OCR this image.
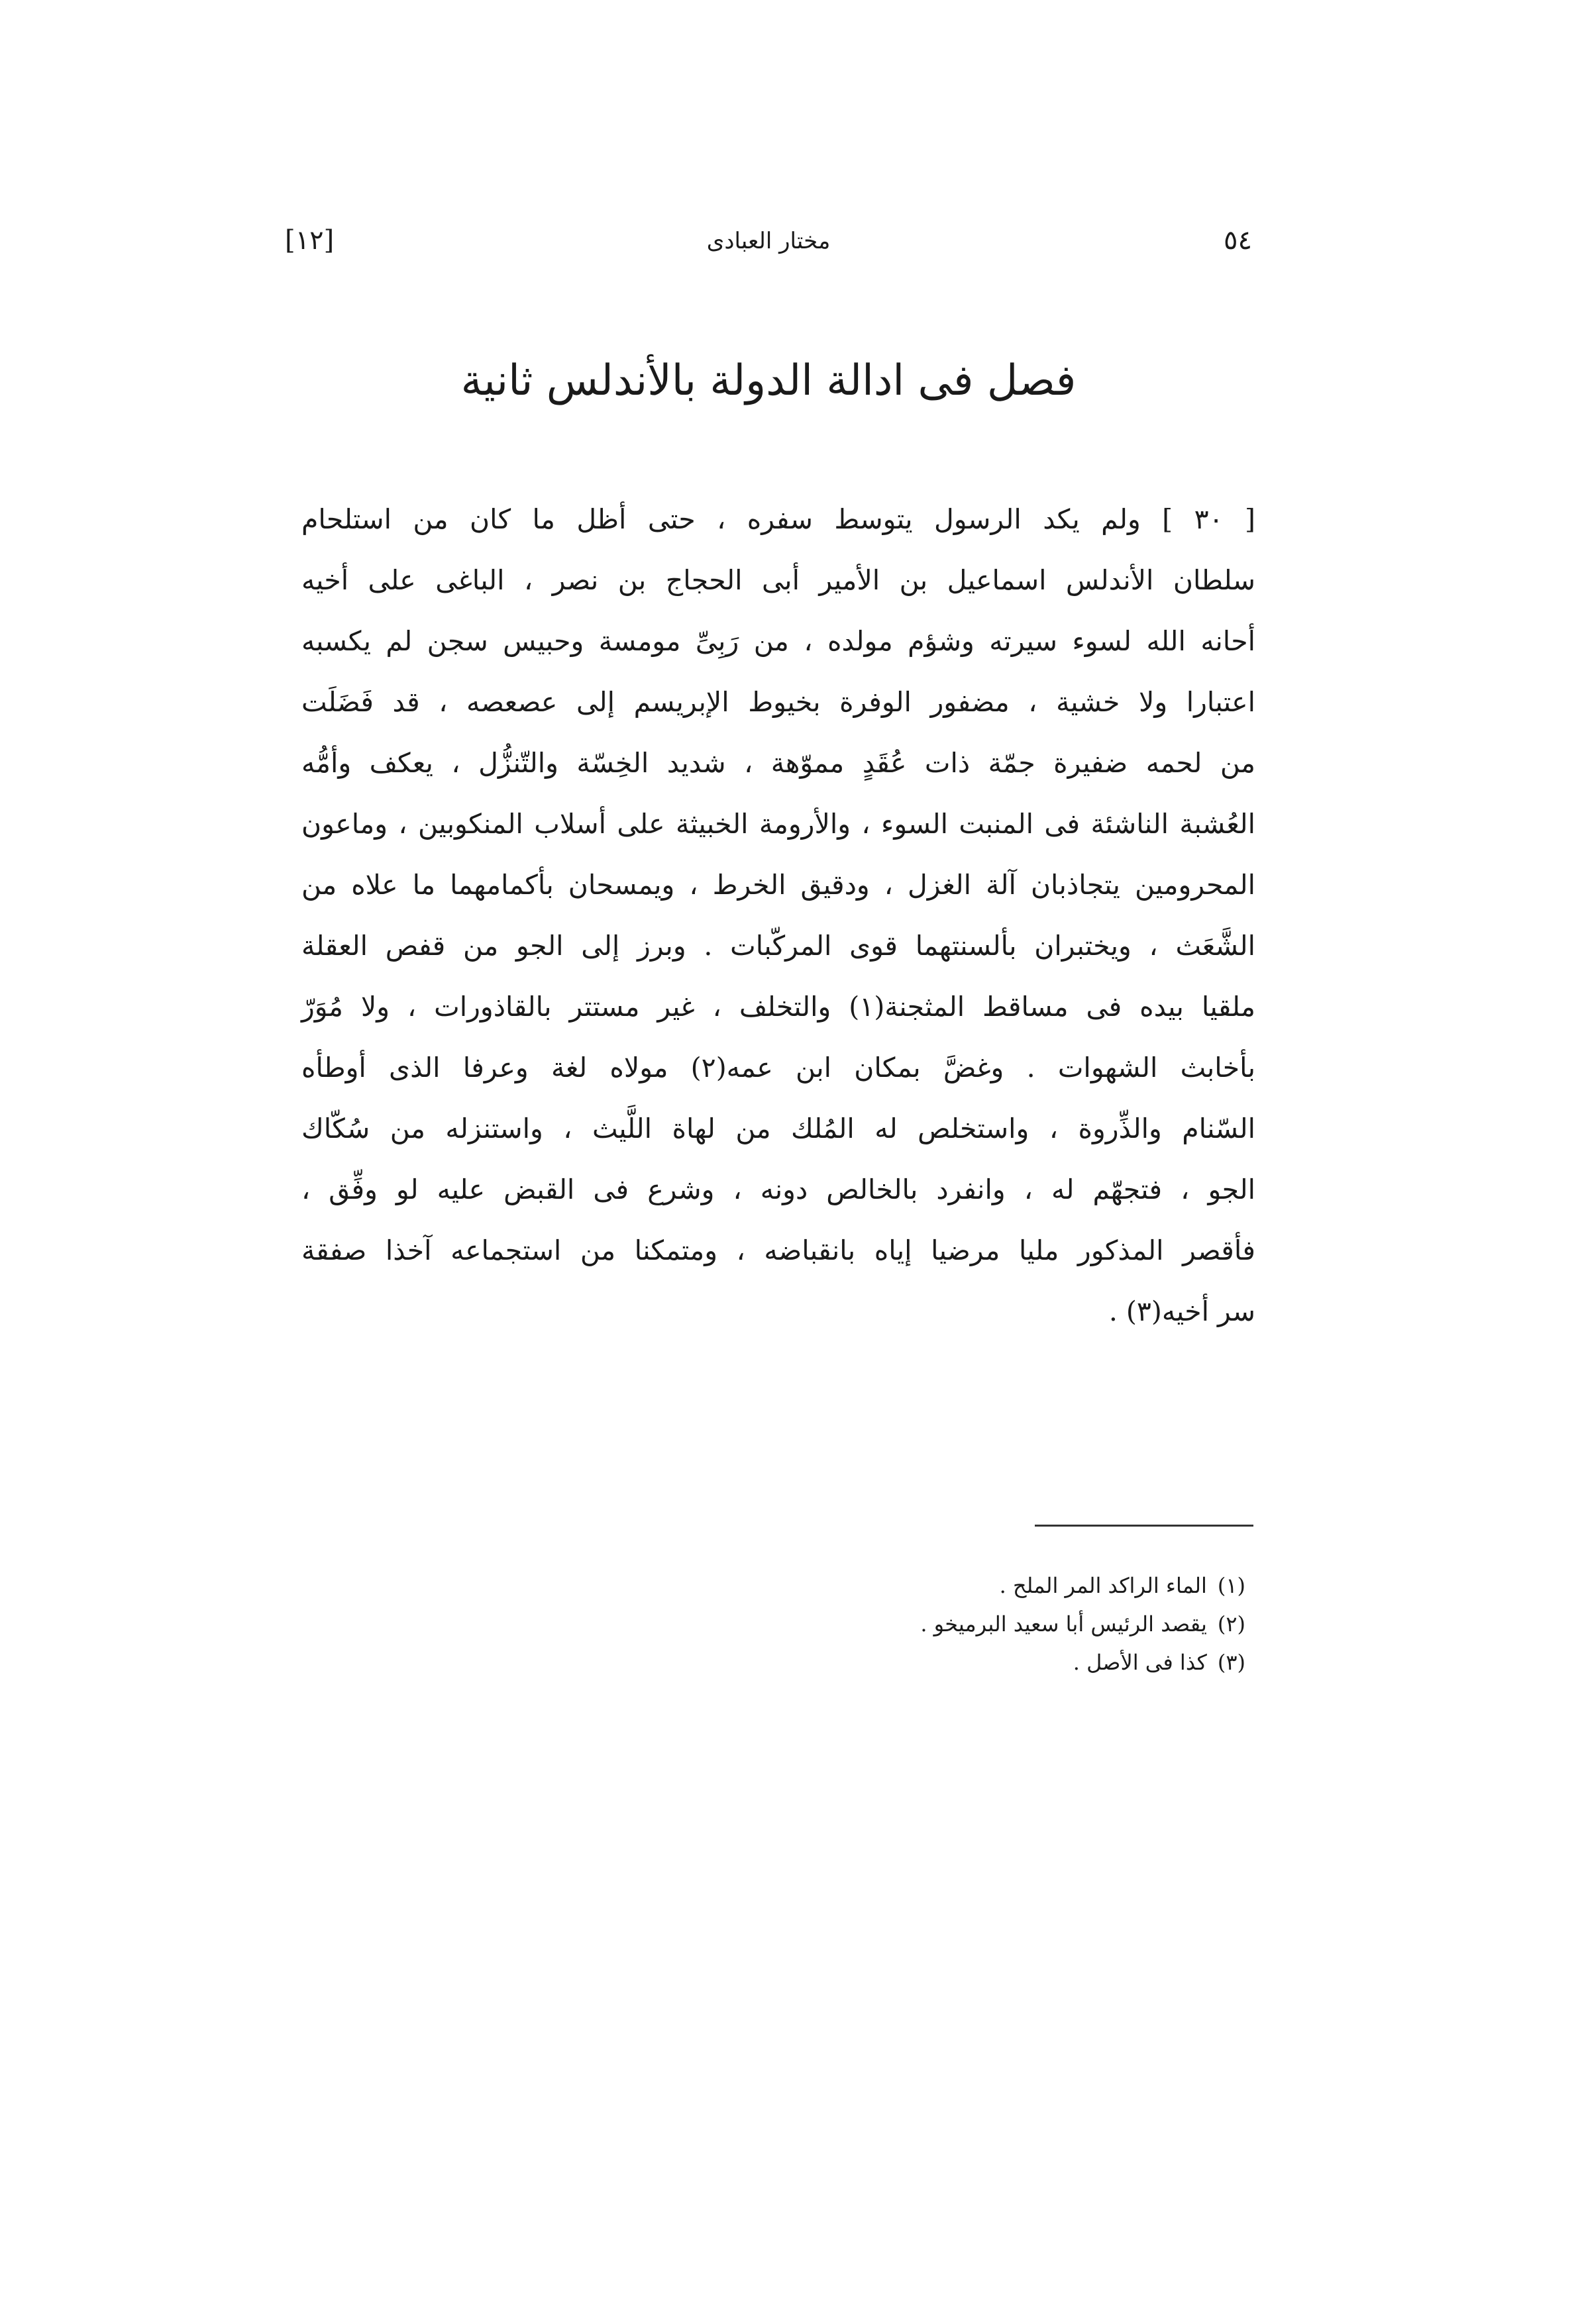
[١٢]	مختار العبادى	٥٤
فصل فى ادالة الدولة بالأندلس ثانية
[ ٣٠ ] ولم يكد الرسول يتوسط سفره ، حتى أظل ما كان من استلحام
سلطان الأندلس اسماعيل بن الأمير أبى الحجاج بن نصر ، الباغى على أخيه
أحانه الله لسوء سيرته وشؤم مولده ، من رَبِىِّ مومسة وحبيس سجن لم يكسبه
اعتبارا ولا خشية ، مضفور الوفرة بخيوط الإبريسم إلى عصعصه ، قد فَضَلَت
من لحمه ضفيرة جمّة ذات عُقَدٍ مموّهة ، شديد الخِسّة والتّنزُّل ، يعكف وأمُّه
العُشبة الناشئة فى المنبت السوء ، والأرومة الخبيثة على أسلاب المنكوبين ، وماعون
المحرومين يتجاذبان آلة الغزل ، ودقيق الخرط ، ويمسحان بأكمامهما ما علاه من
الشَّعَث ، ويختبران بألسنتهما قوى المركّبات . وبرز إلى الجو من قفص العقلة
ملقيا بيده فى مساقط المثجنة(١) والتخلف ، غير مستتر بالقاذورات ، ولا مُوَرّ
بأخابث الشهوات . وغضَّ بمكان ابن عمه(٢) مولاه لغة وعرفا الذى أوطأه
السّنام والذِّروة ، واستخلص له المُلك من لهاة اللَّيث ، واستنزله من سُكّاك
الجو ، فتجهّم له ، وانفرد بالخالص دونه ، وشرع فى القبض عليه لو وفِّق ،
فأقصر المذكور مليا مرضيا إياه بانقباضه ، ومتمكنا من استجماعه آخذا صفقة
سر أخيه(٣) .
(١)الماء الراكد المر الملح .
(٢)يقصد الرئيس أبا سعيد البرميخو .
(٣)كذا فى الأصل .
